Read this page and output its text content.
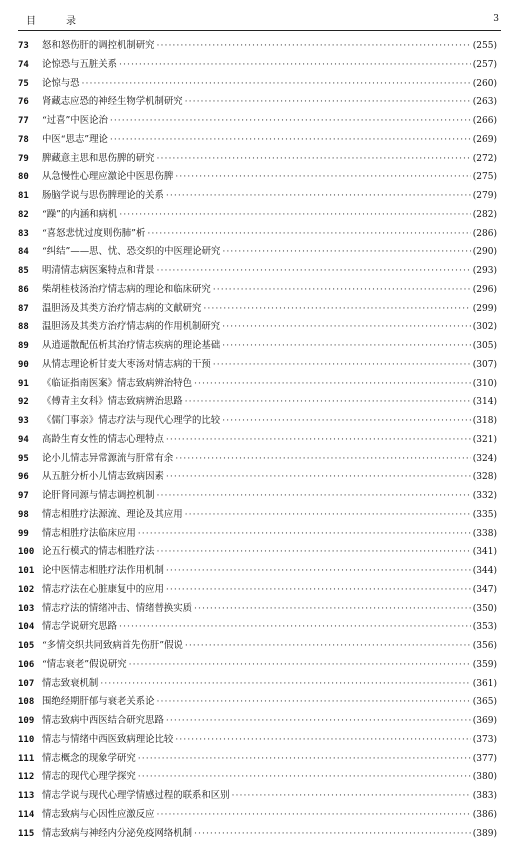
目　录	3
73	怒和怒伤肝的调控机制研究 ·····	(255)
74	论惊恐与五脏关系 ·····	(257)
75	论惊与恐 ·····	(260)
76	肾藏志应恐的神经生物学机制研究 ·····	(263)
77	“过喜”中医论治 ·····	(266)
78	中医“思志”理论 ·····	(269)
79	脾藏意主思和思伤脾的研究 ·····	(272)
80	从急慢性心理应激论中医思伤脾 ·····	(275)
81	肠脑学说与思伤脾理论的关系 ·····	(279)
82	“躁”的内涵和病机 ·····	(282)
83	“喜怒悲忧过度则伤肺”析 ·····	(286)
84	“纠结”——思、忧、恐交织的中医理论研究 ·····	(290)
85	明清情志病医案特点和背景 ·····	(293)
86	柴胡桂枝汤治疗情志病的理论和临床研究 ·····	(296)
87	温胆汤及其类方治疗情志病的文献研究 ·····	(299)
88	温胆汤及其类方治疗情志病的作用机制研究 ·····	(302)
89	从逍遥散配伍析其治疗情志疾病的理论基础 ·····	(305)
90	从情志理论析甘麦大枣汤对情志病的干预 ·····	(307)
91	《临证指南医案》情志致病辨治特色 ·····	(310)
92	《傅青主女科》情志致病辨治思路 ·····	(314)
93	《儒门事亲》情志疗法与现代心理学的比较 ·····	(318)
94	高龄生育女性的情志心理特点 ·····	(321)
95	论小儿情志异常源流与肝常有余 ·····	(324)
96	从五脏分析小儿情志致病因素 ·····	(328)
97	论肝肾同源与情志调控机制 ·····	(332)
98	情志相胜疗法源流、理论及其应用 ·····	(335)
99	情志相胜疗法临床应用 ·····	(338)
100 论五行模式的情志相胜疗法 ·····	(341)
101 论中医情志相胜疗法作用机制 ·····	(344)
102 情志疗法在心脏康复中的应用 ·····	(347)
103 情志疗法的情绪冲击、情绪替换实质 ·····	(350)
104 情志学说研究思路 ·····	(353)
105 “多情交织共同致病首先伤肝”假说 ·····	(356)
106 “情志衰老”假说研究 ·····	(359)
107 情志致衰机制 ·····	(361)
108 围绝经期肝郁与衰老关系论 ·····	(365)
109 情志致病中西医结合研究思路 ·····	(369)
110 情志与情绪中西医致病理论比较 ·····	(373)
111 情志概念的现象学研究 ·····	(377)
112 情志的现代心理学探究 ·····	(380)
113 情志学说与现代心理学情感过程的联系和区别 ·····	(383)
114 情志致病与心因性应激反应 ·····	(386)
115 情志致病与神经内分泌免疫网络机制 ·····	(389)
